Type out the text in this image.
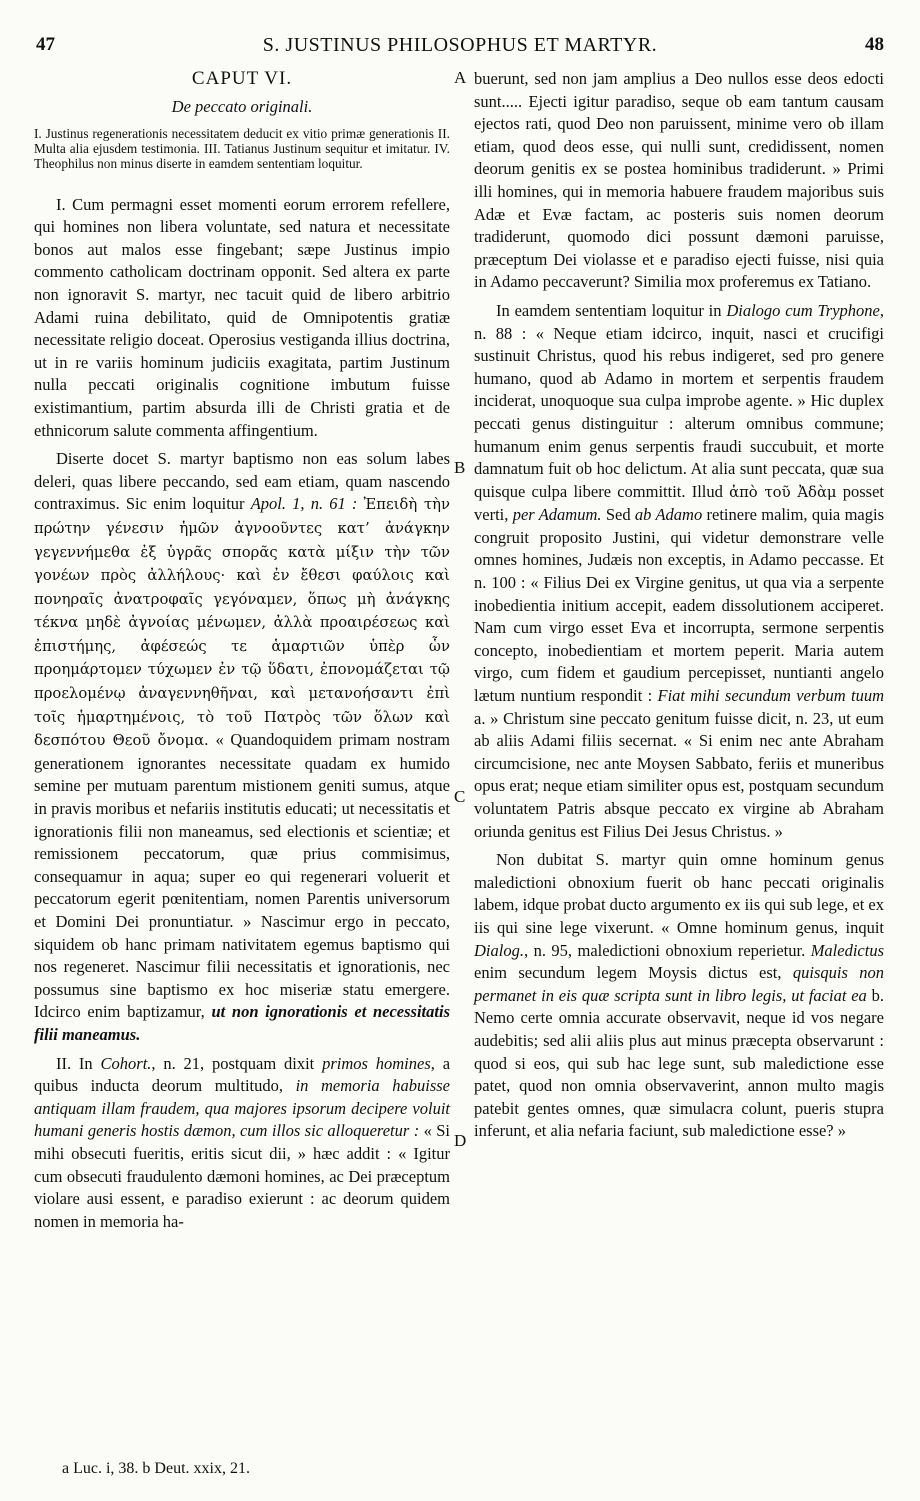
47	S. JUSTINUS PHILOSOPHUS ET MARTYR.	48
CAPUT VI.
De peccato originali.
I. Justinus regenerationis necessitatem deducit ex vitio primæ generationis II. Multa alia ejusdem testimonia. III. Tatianus Justinum sequitur et imitatur. IV. Theophilus non minus diserte in eamdem sententiam loquitur.

I. Cum permagni esset momenti eorum errorem refellere, qui homines non libera voluntate, sed natura et necessitate bonos aut malos esse fingebant; sæpe Justinus impio commento catholicam doctrinam opponit. Sed altera ex parte non ignoravit S. martyr, nec tacuit quid de libero arbitrio Adami ruina debilitato, quid de Omnipotentis gratiæ necessitate religio doceat. Operosius vestiganda illius doctrina, ut in re variis hominum judiciis exagitata, partim Justinum nulla peccati originalis cognitione imbutum fuisse existimantium, partim absurda illi de Christi gratia et de ethnicorum salute commenta affingentium.

Diserte docet S. martyr baptismo non eas solum labes deleri, quas libere peccando, sed eam etiam, quam nascendo contraximus. Sic enim loquitur Apol. 1, n. 61 : Ἐπειδὴ τὴν πρώτην γένεσιν ἡμῶν ἀγνοοῦντες κατ’ ἀνάγκην γεγεννήμεθα ἐξ ὑγρᾶς σπορᾶς κατὰ μίξιν τὴν τῶν γονέων πρὸς ἀλλήλους· καὶ ἐν ἔθεσι φαύλοις καὶ πονηραῖς ἀνατροφαῖς γεγόναμεν, ὅπως μὴ ἀνάγκης τέκνα μηδὲ ἀγνοίας μένωμεν, ἀλλὰ προαιρέσεως καὶ ἐπιστήμης, ἀφέσεώς τε ἁμαρτιῶν ὑπὲρ ὧν προημάρτομεν τύχωμεν ἐν τῷ ὕδατι, ἐπονομάζεται τῷ προελομένῳ ἀναγεννηθῆναι, καὶ μετανοήσαντι ἐπὶ τοῖς ἡμαρτημένοις, τὸ τοῦ Πατρὸς τῶν ὅλων καὶ δεσπότου Θεοῦ ὄνομα. « Quandoquidem primam nostram generationem ignorantes necessitate quadam ex humido semine per mutuam parentum mistionem geniti sumus, atque in pravis moribus et nefariis institutis educati; ut necessitatis et ignorationis filii non maneamus, sed electionis et scientiæ; et remissionem peccatorum, quæ prius commisimus, consequamur in aqua; super eo qui regenerari voluerit et peccatorum egerit pœnitentiam, nomen Parentis universorum et Domini Dei pronuntiatur. » Nascimur ergo in peccato, siquidem ob hanc primam nativitatem egemus baptismo qui nos regeneret. Nascimur filii necessitatis et ignorationis, nec possumus sine baptismo ex hoc miseriæ statu emergere. Idcirco enim baptizamur, ut non ignorationis et necessitatis filii maneamus.

II. In Cohort., n. 21, postquam dixit primos homines, a quibus inducta deorum multitudo, in memoria habuisse antiquam illam fraudem, qua majores ipsorum decipere voluit humani generis hostis dæmon, cum illos sic alloqueretur : « Si mihi obsecuti fueritis, eritis sicut dii, » hæc addit : « Igitur cum obsecuti fraudulento dæmoni homines, ac Dei præceptum violare ausi essent, e paradiso exierunt : ac deorum quidem nomen in memoria ha-

A
B
C
D

buerunt, sed non jam amplius a Deo nullos esse deos edocti sunt..... Ejecti igitur paradiso, seque ob eam tantum causam ejectos rati, quod Deo non paruissent, minime vero ob illam etiam, quod deos esse, qui nulli sunt, credidissent, nomen deorum genitis ex se postea hominibus tradiderunt. » Primi illi homines, qui in memoria habuere fraudem majoribus suis Adæ et Evæ factam, ac posteris suis nomen deorum tradiderunt, quomodo dici possunt dæmoni paruisse, præceptum Dei violasse et e paradiso ejecti fuisse, nisi quia in Adamo peccaverunt? Similia mox proferemus ex Tatiano.

In eamdem sententiam loquitur in Dialogo cum Tryphone, n. 88 : « Neque etiam idcirco, inquit, nasci et crucifigi sustinuit Christus, quod his rebus indigeret, sed pro genere humano, quod ab Adamo in mortem et serpentis fraudem inciderat, unoquoque sua culpa improbe agente. » Hic duplex peccati genus distinguitur : alterum omnibus commune; humanum enim genus serpentis fraudi succubuit, et morte damnatum fuit ob hoc delictum. At alia sunt peccata, quæ sua quisque culpa libere committit. Illud ἀπὸ τοῦ Ἀδὰμ posset verti, per Adamum. Sed ab Adamo retinere malim, quia magis congruit proposito Justini, qui videtur demonstrare velle omnes homines, Judæis non exceptis, in Adamo peccasse. Et n. 100 : « Filius Dei ex Virgine genitus, ut qua via a serpente inobedientia initium accepit, eadem dissolutionem acciperet. Nam cum virgo esset Eva et incorrupta, sermone serpentis concepto, inobedientiam et mortem peperit. Maria autem virgo, cum fidem et gaudium percepisset, nuntianti angelo lætum nuntium respondit : Fiat mihi secundum verbum tuum a. » Christum sine peccato genitum fuisse dicit, n. 23, ut eum ab aliis Adami filiis secernat. « Si enim nec ante Abraham circumcisione, nec ante Moysen Sabbato, feriis et muneribus opus erat; neque etiam similiter opus est, postquam secundum voluntatem Patris absque peccato ex virgine ab Abraham oriunda genitus est Filius Dei Jesus Christus. »

Non dubitat S. martyr quin omne hominum genus maledictioni obnoxium fuerit ob hanc peccati originalis labem, idque probat ducto argumento ex iis qui sub lege, et ex iis qui sine lege vixerunt. « Omne hominum genus, inquit Dialog., n. 95, maledictioni obnoxium reperietur. Maledictus enim secundum legem Moysis dictus est, quisquis non permanet in eis quæ scripta sunt in libro legis, ut faciat ea b. Nemo certe omnia accurate observavit, neque id vos negare audebitis; sed alii aliis plus aut minus præcepta observarunt : quod si eos, qui sub hac lege sunt, sub maledictione esse patet, quod non omnia observaverint, annon multo magis patebit gentes omnes, quæ simulacra colunt, pueris stupra inferunt, et alia nefaria faciunt, sub maledictione esse? »

a Luc. i, 38. b Deut. xxix, 21.
